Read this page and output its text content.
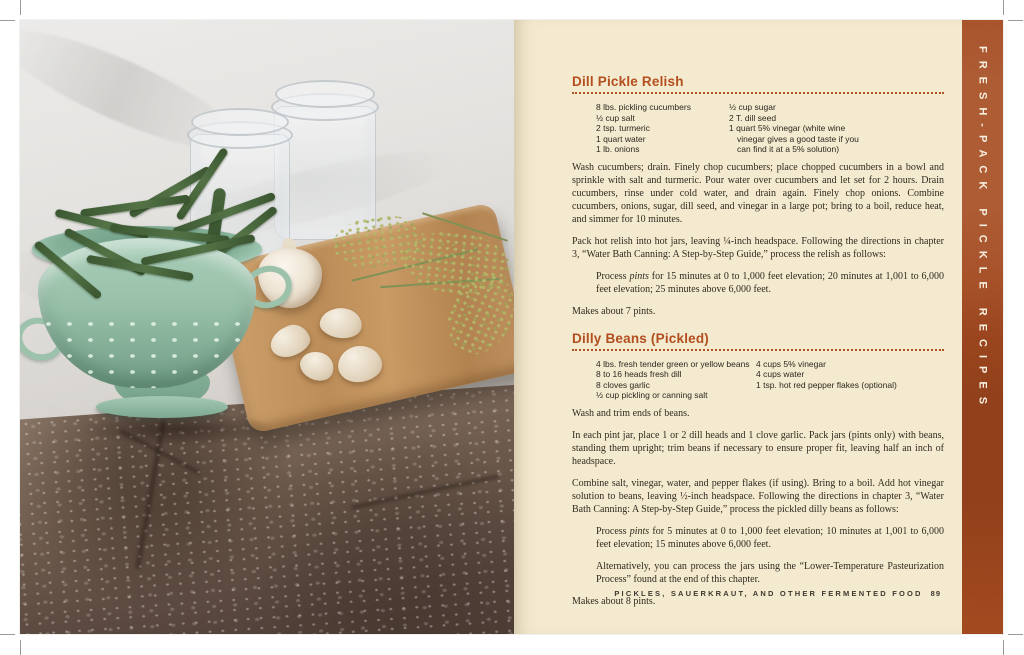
FRESH-PACK PICKLE RECIPES
Dill Pickle Relish
8 lbs. pickling cucumbers
½ cup salt
2 tsp. turmeric
1 quart water
1 lb. onions
½ cup sugar
2 T. dill seed
1 quart 5% vinegar (white wine
vinegar gives a good taste if you
can find it at a 5% solution)

Wash cucumbers; drain. Finely chop cucumbers; place chopped cucumbers in a bowl and sprinkle with salt and turmeric. Pour water over cucumbers and let set for 2 hours. Drain cucumbers, rinse under cold water, and drain again. Finely chop onions. Combine cucumbers, onions, sugar, dill seed, and vinegar in a large pot; bring to a boil, reduce heat, and simmer for 10 minutes.

Pack hot relish into hot jars, leaving ¼-inch headspace. Following the directions in chapter 3, “Water Bath Canning: A Step-by-Step Guide,” process the relish as follows:

Process pints for 15 minutes at 0 to 1,000 feet elevation; 20 minutes at 1,001 to 6,000 feet elevation; 25 minutes above 6,000 feet.

Makes about 7 pints.

Dilly Beans (Pickled)
4 lbs. fresh tender green or yellow beans
8 to 16 heads fresh dill
8 cloves garlic
½ cup pickling or canning salt
4 cups 5% vinegar
4 cups water
1 tsp. hot red pepper flakes (optional)

Wash and trim ends of beans.

In each pint jar, place 1 or 2 dill heads and 1 clove garlic. Pack jars (pints only) with beans, standing them upright; trim beans if necessary to ensure proper fit, leaving half an inch of headspace.

Combine salt, vinegar, water, and pepper flakes (if using). Bring to a boil. Add hot vinegar solution to beans, leaving ½-inch headspace. Following the directions in chapter 3, “Water Bath Canning: A Step-by-Step Guide,” process the pickled dilly beans as follows:

Process pints for 5 minutes at 0 to 1,000 feet elevation; 10 minutes at 1,001 to 6,000 feet elevation; 15 minutes above 6,000 feet.

Alternatively, you can process the jars using the “Lower-Temperature Pasteurization Process” found at the end of this chapter.

Makes about 8 pints.

PICKLES, SAUERKRAUT, AND OTHER FERMENTED FOOD 89
